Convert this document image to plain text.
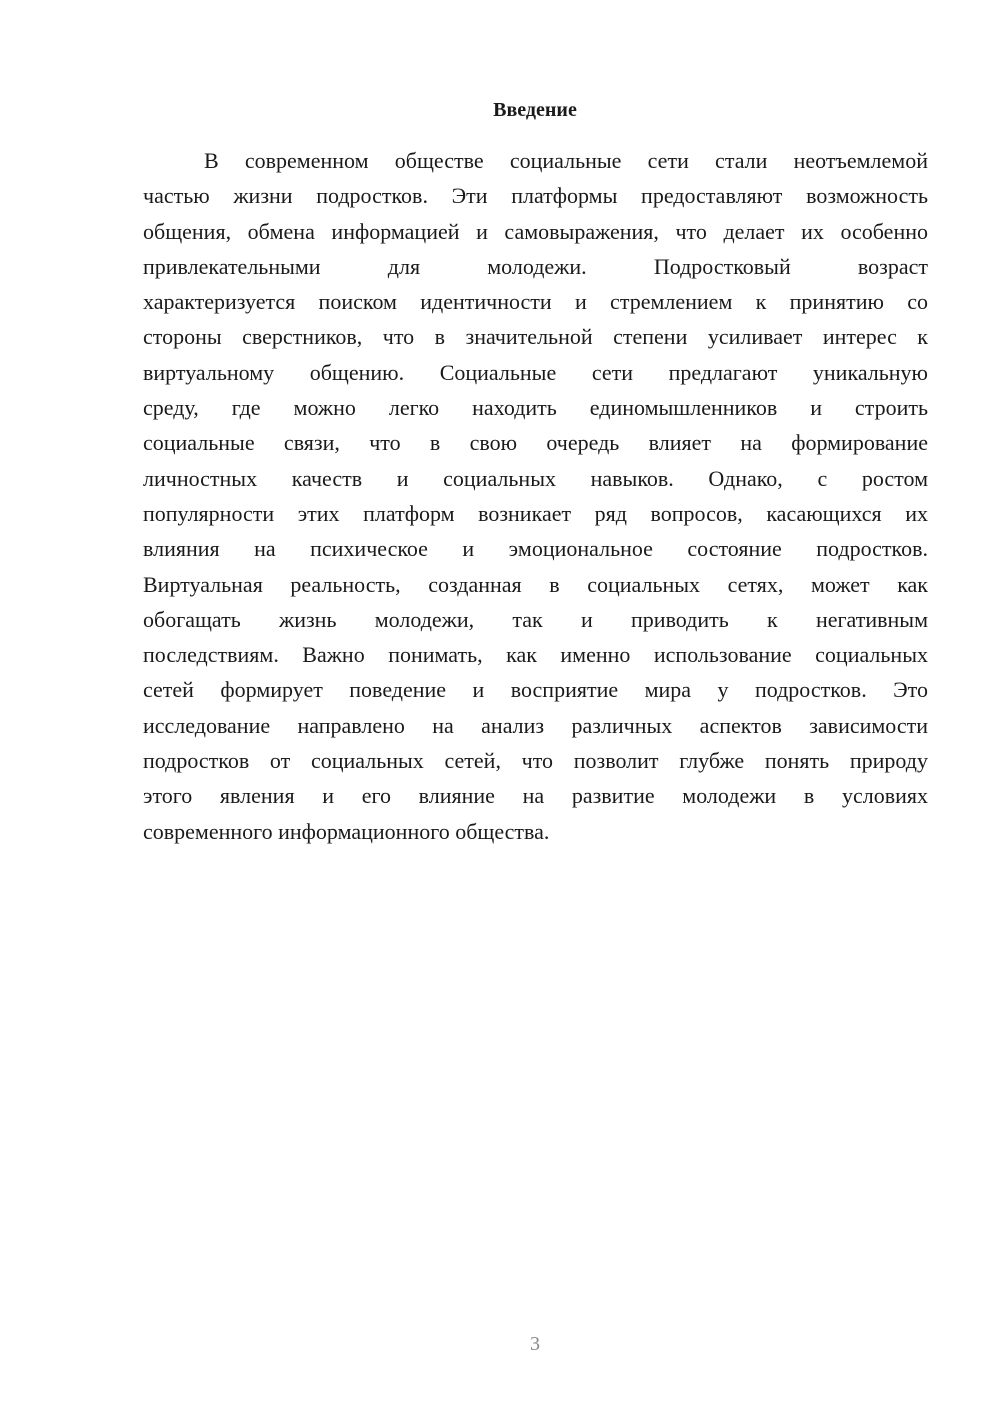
Введение
В современном обществе социальные сети стали неотъемлемой
частью жизни подростков. Эти платформы предоставляют возможность
общения, обмена информацией и самовыражения, что делает их особенно
привлекательными для молодежи. Подростковый возраст
характеризуется поиском идентичности и стремлением к принятию со
стороны сверстников, что в значительной степени усиливает интерес к
виртуальному общению. Социальные сети предлагают уникальную
среду, где можно легко находить единомышленников и строить
социальные связи, что в свою очередь влияет на формирование
личностных качеств и социальных навыков. Однако, с ростом
популярности этих платформ возникает ряд вопросов, касающихся их
влияния на психическое и эмоциональное состояние подростков.
Виртуальная реальность, созданная в социальных сетях, может как
обогащать жизнь молодежи, так и приводить к негативным
последствиям. Важно понимать, как именно использование социальных
сетей формирует поведение и восприятие мира у подростков. Это
исследование направлено на анализ различных аспектов зависимости
подростков от социальных сетей, что позволит глубже понять природу
этого явления и его влияние на развитие молодежи в условиях
современного информационного общества.
3
